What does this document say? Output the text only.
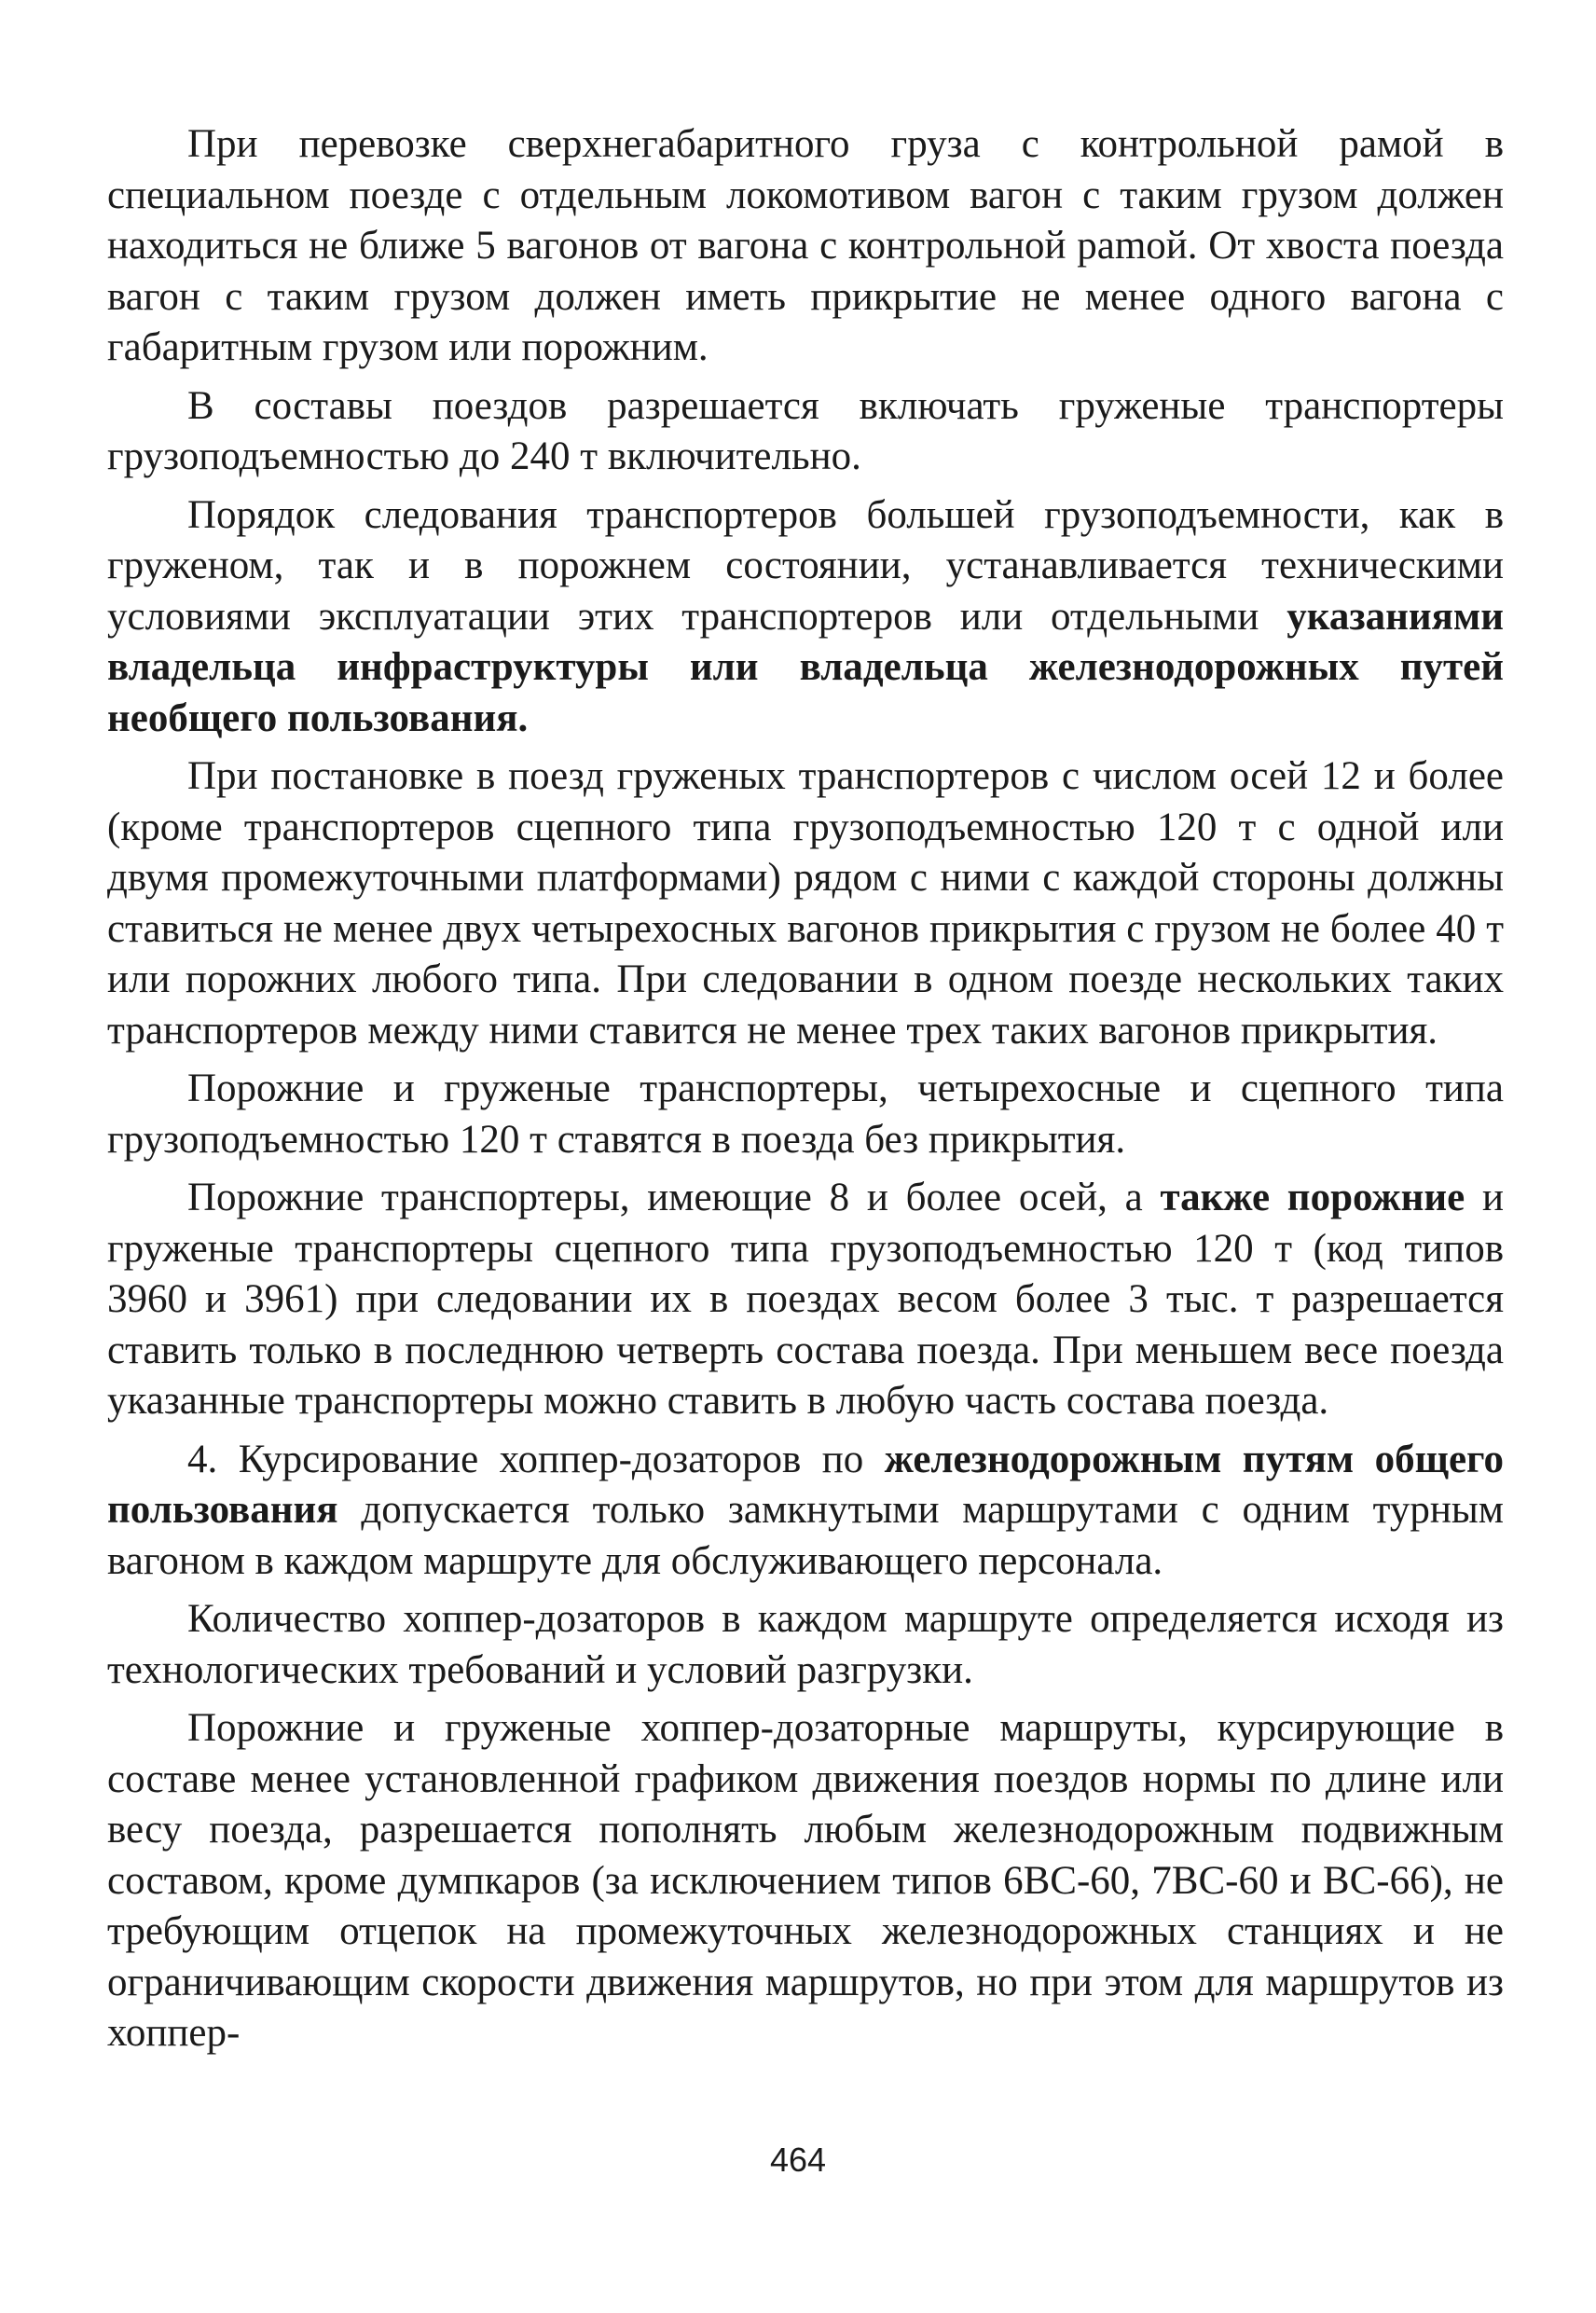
При перевозке сверхнегабаритного груза с контрольной рамой в специальном поезде с отдельным локомотивом вагон с таким грузом должен находиться не ближе 5 вагонов от вагона с контрольной раmой. От хвоста поезда вагон с таким грузом должен иметь прикрытие не менее одного вагона с габаритным грузом или порожним.

В составы поездов разрешается включать груженые транспортеры грузоподъемностью до 240 т включительно.

Порядок следования транспортеров большей грузоподъемности, как в груженом, так и в порожнем состоянии, устанавливается техническими условиями эксплуатации этих транспортеров или отдельными указаниями владельца инфраструктуры или владельца железнодорожных путей необщего пользования.

При постановке в поезд груженых транспортеров с числом осей 12 и более (кроме транспортеров сцепного типа грузоподъемностью 120 т с одной или двумя промежуточными платформами) рядом с ними с каждой стороны должны ставиться не менее двух четырехосных вагонов прикрытия с грузом не более 40 т или порожних любого типа. При следовании в одном поезде нескольких таких транспортеров между ними ставится не менее трех таких вагонов прикрытия.

Порожние и груженые транспортеры, четырехосные и сцепного типа грузоподъемностью 120 т ставятся в поезда без прикрытия.

Порожние транспортеры, имеющие 8 и более осей, а также порожние и груженые транспортеры сцепного типа грузоподъемностью 120 т (код типов 3960 и 3961) при следовании их в поездах весом более 3 тыс. т разрешается ставить только в последнюю четверть состава поезда. При меньшем весе поезда указанные транспортеры можно ставить в любую часть состава поезда.

4. Курсирование хоппер-дозаторов по железнодорожным путям общего пользования допускается только замкнутыми маршрутами с одним турным вагоном в каждом маршруте для обслуживающего персонала.

Количество хоппер-дозаторов в каждом маршруте определяется исходя из технологических требований и условий разгрузки.

Порожние и груженые хоппер-дозаторные маршруты, курсирующие в составе менее установленной графиком движения поездов нормы по длине или весу поезда, разрешается пополнять любым железнодорожным подвижным составом, кроме думпкаров (за исключением типов 6ВС-60, 7ВС-60 и ВС-66), не требующим отцепок на промежуточных железнодорожных станциях и не ограничивающим скорости движения маршрутов, но при этом для маршрутов из хоппер-

464
